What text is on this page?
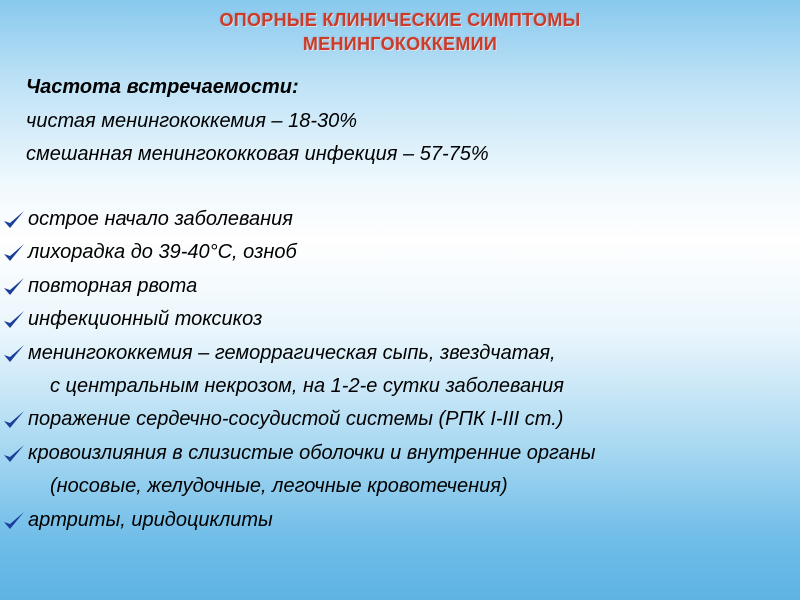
ОПОРНЫЕ КЛИНИЧЕСКИЕ СИМПТОМЫ
МЕНИНГОКОККЕМИИ
Частота встречаемости:
чистая менингококкемия – 18-30%
смешанная менингококковая инфекция – 57-75%
острое начало заболевания
лихорадка до 39-40°С, озноб
повторная рвота
инфекционный токсикоз
менингококкемия – геморрагическая сыпь, звездчатая,
с центральным некрозом, на 1-2-е сутки заболевания
поражение сердечно-сосудистой системы (РПК I-III ст.)
кровоизлияния в слизистые оболочки и внутренние органы
(носовые, желудочные, легочные кровотечения)
артриты, иридоциклиты
